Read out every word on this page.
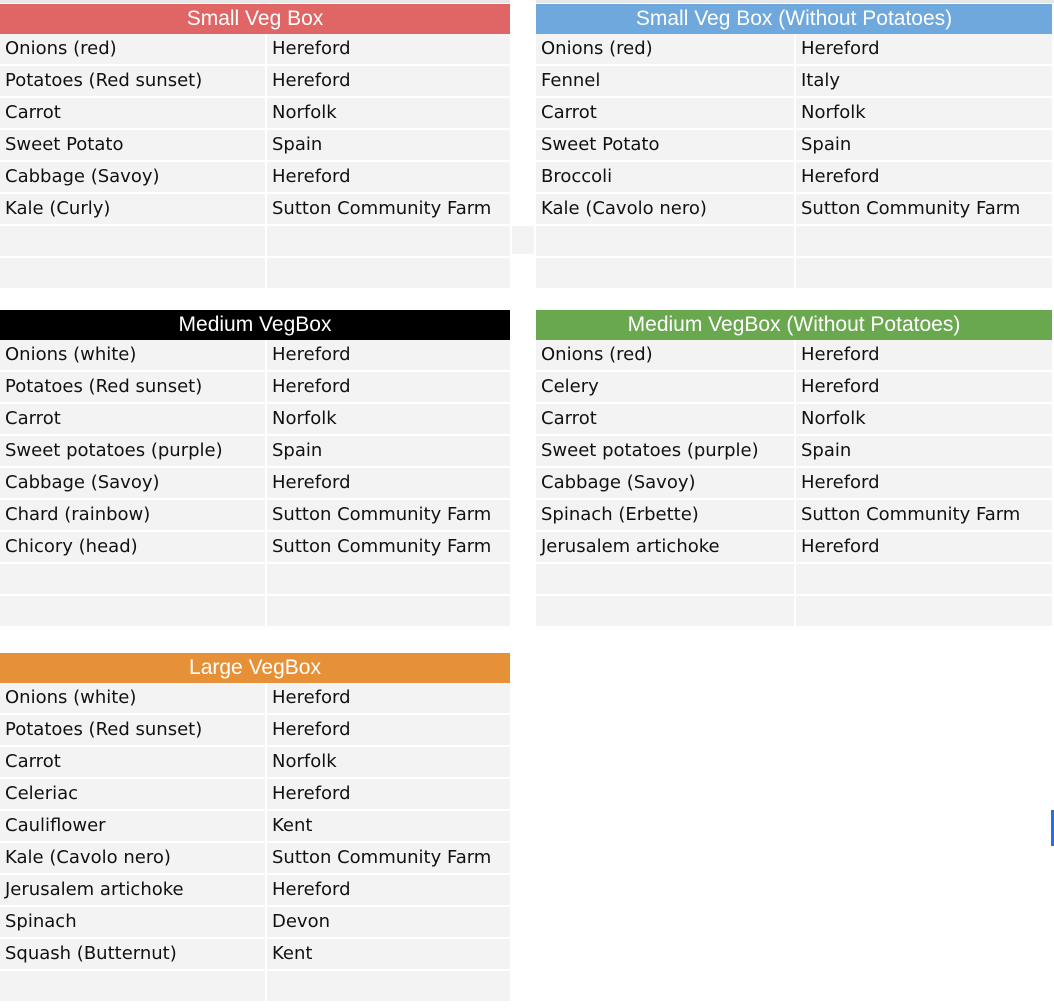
Small Veg Box
Onions (red)	Hereford
Potatoes (Red sunset)	Hereford
Carrot	Norfolk
Sweet Potato	Spain
Cabbage (Savoy)	Hereford
Kale (Curly)	Sutton Community Farm
Small Veg Box (Without Potatoes)
Onions (red)	Hereford
Fennel	Italy
Carrot	Norfolk
Sweet Potato	Spain
Broccoli	Hereford
Kale (Cavolo nero)	Sutton Community Farm
Medium VegBox
Onions (white)	Hereford
Potatoes (Red sunset)	Hereford
Carrot	Norfolk
Sweet potatoes (purple)	Spain
Cabbage (Savoy)	Hereford
Chard (rainbow)	Sutton Community Farm
Chicory (head)	Sutton Community Farm
Medium VegBox (Without Potatoes)
Onions (red)	Hereford
Celery	Hereford
Carrot	Norfolk
Sweet potatoes (purple)	Spain
Cabbage (Savoy)	Hereford
Spinach (Erbette)	Sutton Community Farm
Jerusalem artichoke	Hereford
Large VegBox
Onions (white)	Hereford
Potatoes (Red sunset)	Hereford
Carrot	Norfolk
Celeriac	Hereford
Cauliflower	Kent
Kale (Cavolo nero)	Sutton Community Farm
Jerusalem artichoke	Hereford
Spinach	Devon
Squash (Butternut)	Kent
